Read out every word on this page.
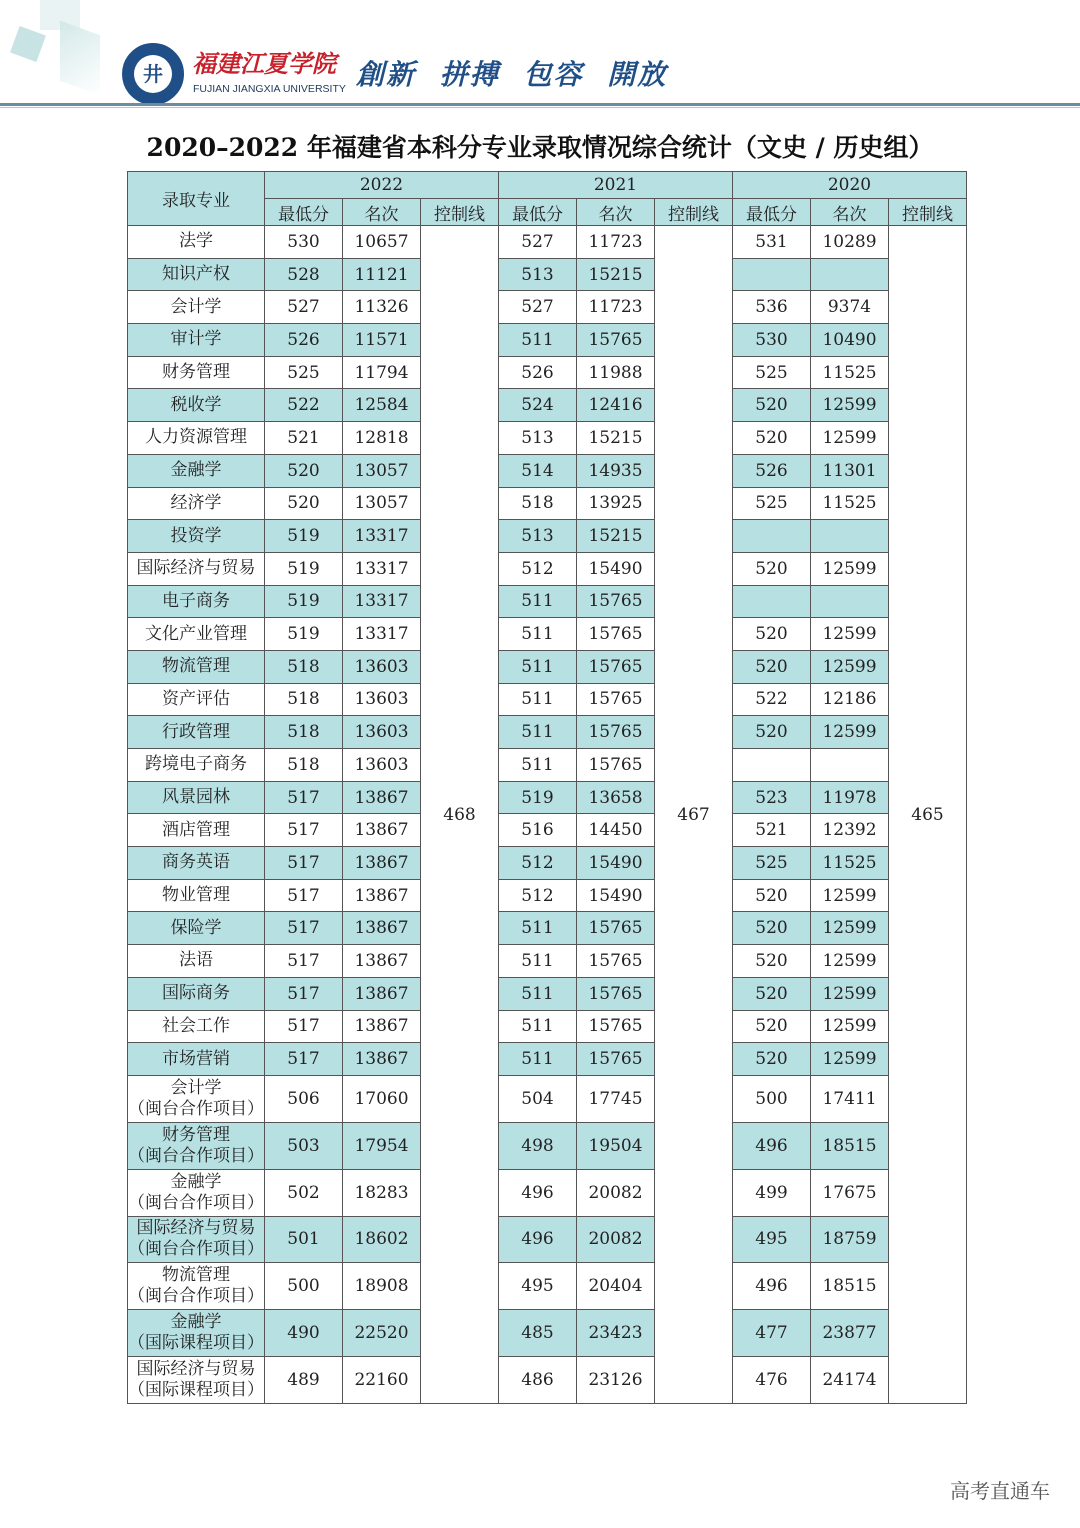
井	福建江夏学院
FUJIAN JIANGXIA UNIVERSITY 創新 拼搏 包容 開放
2020–2022 年福建省本科分专业录取情况综合统计（文史 / 历史组）
录取专业	2022			2021			2020		
	最低分	名次	控制线	最低分	名次	控制线	最低分	名次	控制线

法学	530	10657	468	527	11723	467	531	10289	465

知识产权	528	11121		513	15215				

会计学	527	11326		527	11723		536	9374	

审计学	526	11571		511	15765		530	10490	

财务管理	525	11794		526	11988		525	11525	

税收学	522	12584		524	12416		520	12599	

人力资源管理	521	12818		513	15215		520	12599	

金融学	520	13057		514	14935		526	11301	

经济学	520	13057		518	13925		525	11525	

投资学	519	13317		513	15215				

国际经济与贸易	519	13317		512	15490		520	12599	

电子商务	519	13317		511	15765				

文化产业管理	519	13317		511	15765		520	12599	

物流管理	518	13603		511	15765		520	12599	

资产评估	518	13603		511	15765		522	12186	

行政管理	518	13603		511	15765		520	12599	

跨境电子商务	518	13603		511	15765				

风景园林	517	13867		519	13658		523	11978	

酒店管理	517	13867		516	14450		521	12392	

商务英语	517	13867		512	15490		525	11525	

物业管理	517	13867		512	15490		520	12599	

保险学	517	13867		511	15765		520	12599	

法语	517	13867		511	15765		520	12599	

国际商务	517	13867		511	15765		520	12599	

社会工作	517	13867		511	15765		520	12599	

市场营销	517	13867		511	15765		520	12599	

会计学
（闽台合作项目）	506	17060		504	17745		500	17411	

财务管理
（闽台合作项目）	503	17954		498	19504		496	18515	

金融学
（闽台合作项目）	502	18283		496	20082		499	17675	

国际经济与贸易
（闽台合作项目）	501	18602		496	20082		495	18759	

物流管理
（闽台合作项目）	500	18908		495	20404		496	18515	

金融学
（国际课程项目）	490	22520		485	23423		477	23877	

国际经济与贸易
（国际课程项目）	489	22160		486	23126		476	24174	
高考直通车
